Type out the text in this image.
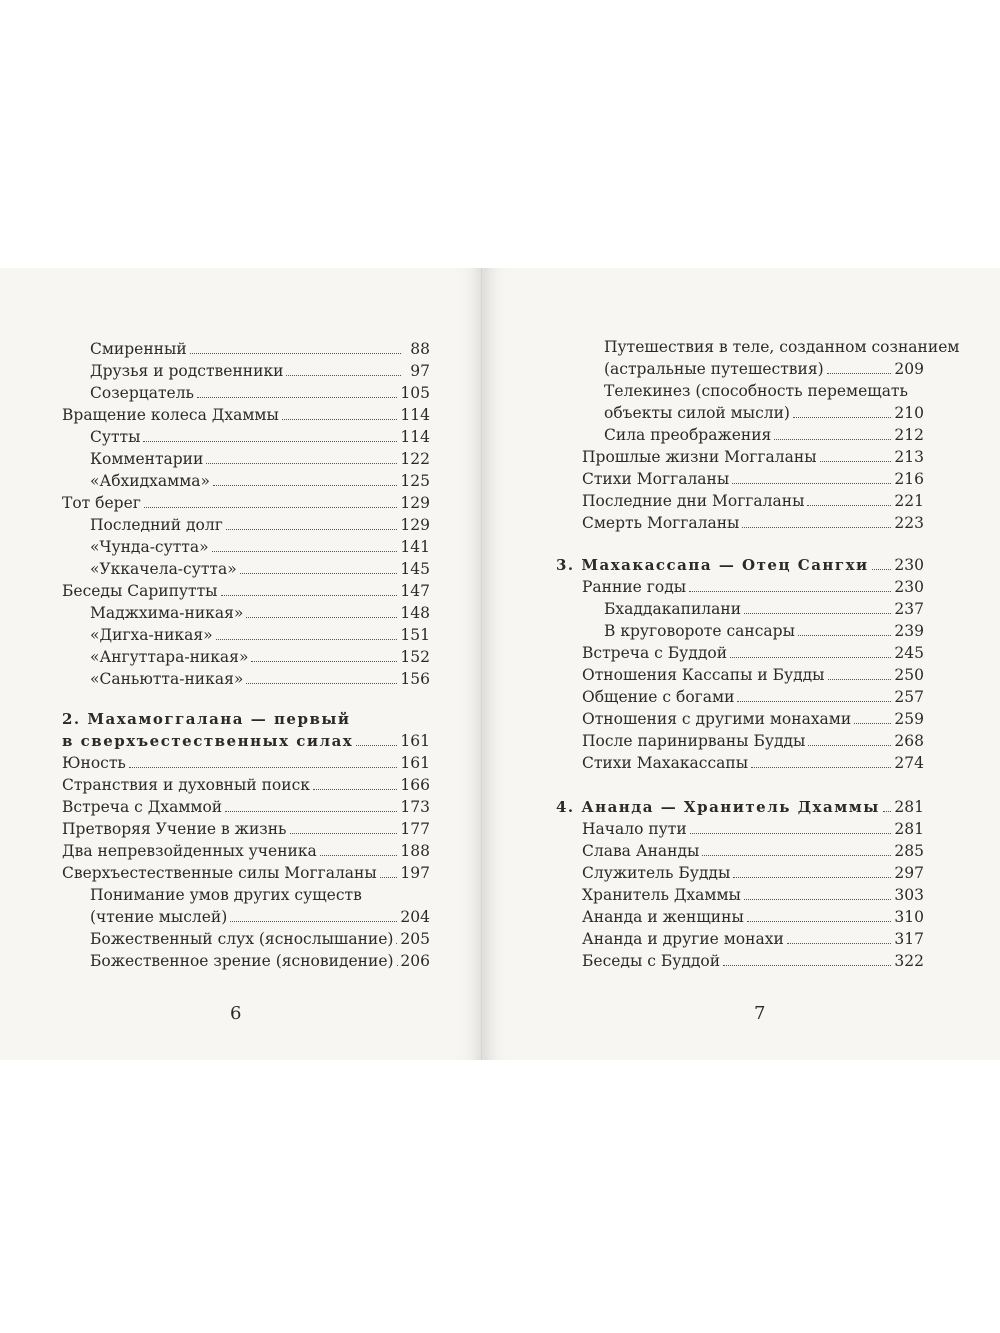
Смиренный	88
Друзья и родственники	97
Созерцатель	105
Вращение колеса Дхаммы	114
Сутты	114
Комментарии	122
«Абхидхамма»	125
Тот берег	129
Последний долг	129
«Чунда-сутта»	141
«Уккачела-сутта»	145
Беседы Сарипутты	147
Маджхима-никая»	148
«Дигха-никая»	151
«Ангуттара-никая»	152
«Саньютта-никая»	156
2. Махамоггалана — первый
в сверхъестественных силах	161
Юность	161
Странствия и духовный поиск	166
Встреча с Дхаммой	173
Претворяя Учение в жизнь	177
Два непревзойденных ученика	188
Сверхъестественные силы Моггаланы 197
Понимание умов других существ
(чтение мыслей)	204
Божественный слух (яснослышание) 205
Божественное зрение (ясновидение) 206
6
Путешествия в теле, созданном сознанием
(астральные путешествия)	209
Телекинез (способность перемещать
объекты силой мысли)	210
Сила преображения	212
Прошлые жизни Моггаланы	213
Стихи Моггаланы	216
Последние дни Моггаланы	221
Смерть Моггаланы	223
3. Махакассапа — Отец Сангхи 230
Ранние годы	230
Бхаддакапилани	237
В круговороте сансары	239
Встреча с Буддой	245
Отношения Кассапы и Будды	250
Общение с богами	257
Отношения с другими монахами	259
После паринирваны Будды	268
Стихи Махакассапы	274
4. Ананда — Хранитель Дхаммы 281
Начало пути	281
Слава Ананды	285
Служитель Будды	297
Хранитель Дхаммы	303
Ананда и женщины	310
Ананда и другие монахи	317
Беседы с Буддой	322
7
